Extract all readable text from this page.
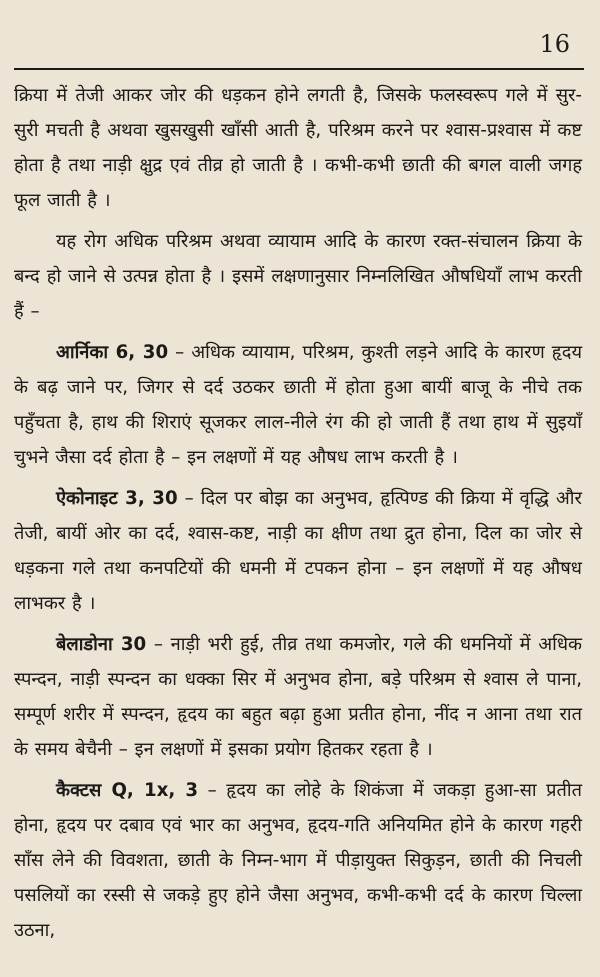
16

क्रिया में तेजी आकर जोर की धड़कन होने लगती है, जिसके फलस्वरूप गले में सुर-सुरी मचती है अथवा खुसखुसी खाँसी आती है, परिश्रम करने पर श्वास-प्रश्वास में कष्ट होता है तथा नाड़ी क्षुद्र एवं तीव्र हो जाती है । कभी-कभी छाती की बगल वाली जगह फूल जाती है ।

यह रोग अधिक परिश्रम अथवा व्यायाम आदि के कारण रक्त-संचालन क्रिया के बन्द हो जाने से उत्पन्न होता है । इसमें लक्षणानुसार निम्नलिखित औषधियाँ लाभ करती हैं –

आर्निका 6, 30 – अधिक व्यायाम, परिश्रम, कुश्ती लड़ने आदि के कारण हृदय के बढ़ जाने पर, जिगर से दर्द उठकर छाती में होता हुआ बायीं बाजू के नीचे तक पहुँचता है, हाथ की शिराएं सूजकर लाल-नीले रंग की हो जाती हैं तथा हाथ में सुइयाँ चुभने जैसा दर्द होता है – इन लक्षणों में यह औषध लाभ करती है ।

ऐकोनाइट 3, 30 – दिल पर बोझ का अनुभव, हृत्पिण्ड की क्रिया में वृद्धि और तेजी, बायीं ओर का दर्द, श्वास-कष्ट, नाड़ी का क्षीण तथा द्रुत होना, दिल का जोर से धड़कना गले तथा कनपटियों की धमनी में टपकन होना – इन लक्षणों में यह औषध लाभकर है ।

बेलाडोना 30 – नाड़ी भरी हुई, तीव्र तथा कमजोर, गले की धमनियों में अधिक स्पन्दन, नाड़ी स्पन्दन का धक्का सिर में अनुभव होना, बड़े परिश्रम से श्वास ले पाना, सम्पूर्ण शरीर में स्पन्दन, हृदय का बहुत बढ़ा हुआ प्रतीत होना, नींद न आना तथा रात के समय बेचैनी – इन लक्षणों में इसका प्रयोग हितकर रहता है ।

कैक्टस Q, 1x, 3 – हृदय का लोहे के शिकंजा में जकड़ा हुआ-सा प्रतीत होना, हृदय पर दबाव एवं भार का अनुभव, हृदय-गति अनियमित होने के कारण गहरी साँस लेने की विवशता, छाती के निम्न-भाग में पीड़ायुक्त सिकुड़न, छाती की निचली पसलियों का रस्सी से जकड़े हुए होने जैसा अनुभव, कभी-कभी दर्द के कारण चिल्ला उठना,
